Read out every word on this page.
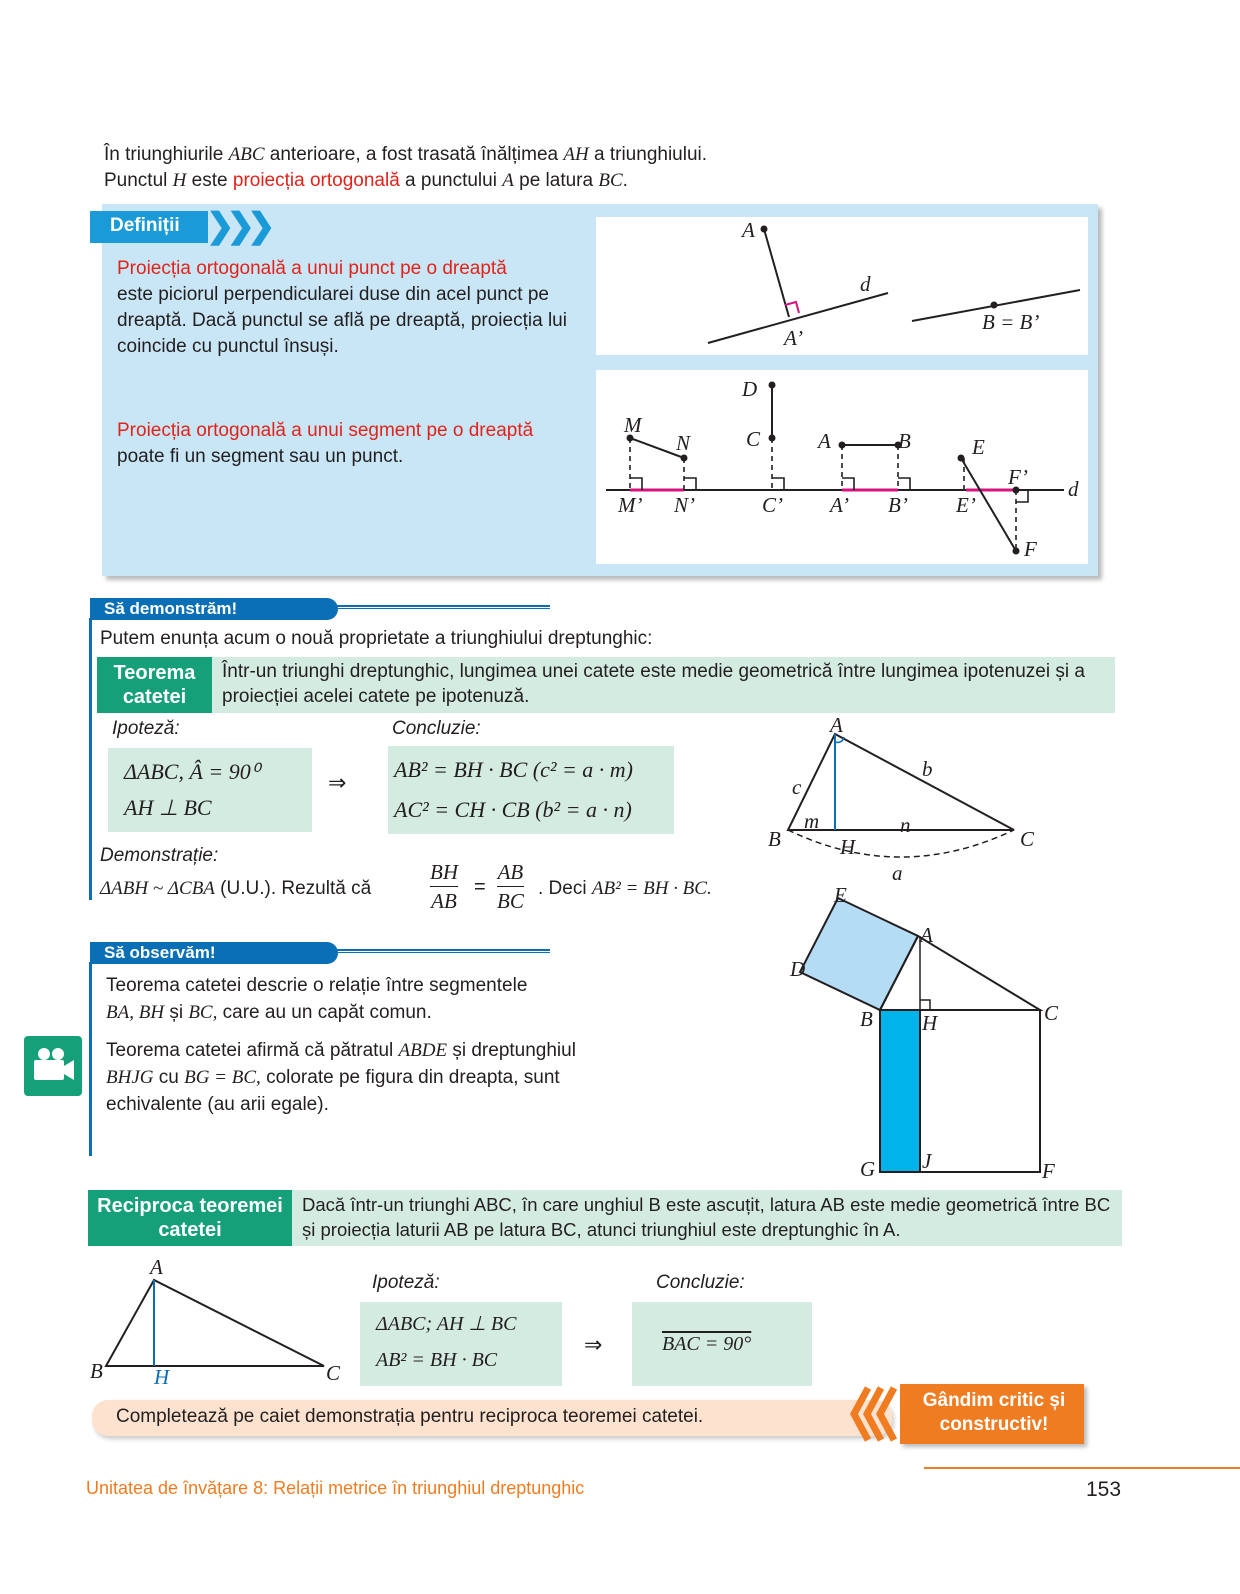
În triunghiurile ABC anterioare, a fost trasată înălțimea AH a triunghiului.
Punctul H este proiecția ortogonală a punctului A pe latura BC.
Definiții ❯❯❯
Proiecția ortogonală a unui punct pe o dreaptă
este piciorul perpendicularei duse din acel punct pe dreaptă. Dacă punctul se află pe dreaptă, proiecția lui coincide cu punctul însuși.
Proiecția ortogonală a unui segment pe o dreaptă
poate fi un segment sau un punct.
A
A’
d
B = B’
D
C
M
N	A	B	E
F’ d
M’ N’	C’ A’ B’ E’
F
Să demonstrăm!
Putem enunța acum o nouă proprietate a triunghiului dreptunghic:
Teorema catetei
Într-un triunghi dreptunghic, lungimea unei catete este medie geometrică între lungimea ipotenuzei și a proiecției acelei catete pe ipotenuză.
Ipoteză:
ΔABC, Â = 90⁰
AH ⊥ BC
⇒
Concluzie:
AB² = BH · BC (c² = a · m)
AC² = CH · CB (b² = a · n)
Demonstrație:
ΔABH ~ ΔCBA (U.U.). Rezultă că	$\frac{BH}{AB} = \frac{AB}{BC}$ . Deci AB² = BH · BC.
A
b
c
m	n
B	H	C
a
Să observăm!
Teorema catetei descrie o relație între segmentele
BA, BH și BC, care au un capăt comun.
Teorema catetei afirmă că pătratul ABDE și dreptunghiul
BHJG cu BG = BC, colorate pe figura din dreapta, sunt
echivalente (au arii egale).
E
A
D
B H	C
G J	F
Reciproca teoremei catetei
Dacă într-un triunghi ABC, în care unghiul B este ascuțit, latura AB este medie geometrică între BC și proiecția laturii AB pe latura BC, atunci triunghiul este dreptunghic în A.
A
B H	C
Ipoteză:
ΔABC; AH ⊥ BC
AB² = BH · BC
⇒
Concluzie:
BAC = 90°
Completează pe caiet demonstrația pentru reciproca teoremei catetei.
Gândim critic și constructiv!
Unitatea de învățare 8: Relații metrice în triunghiul dreptunghic	153
